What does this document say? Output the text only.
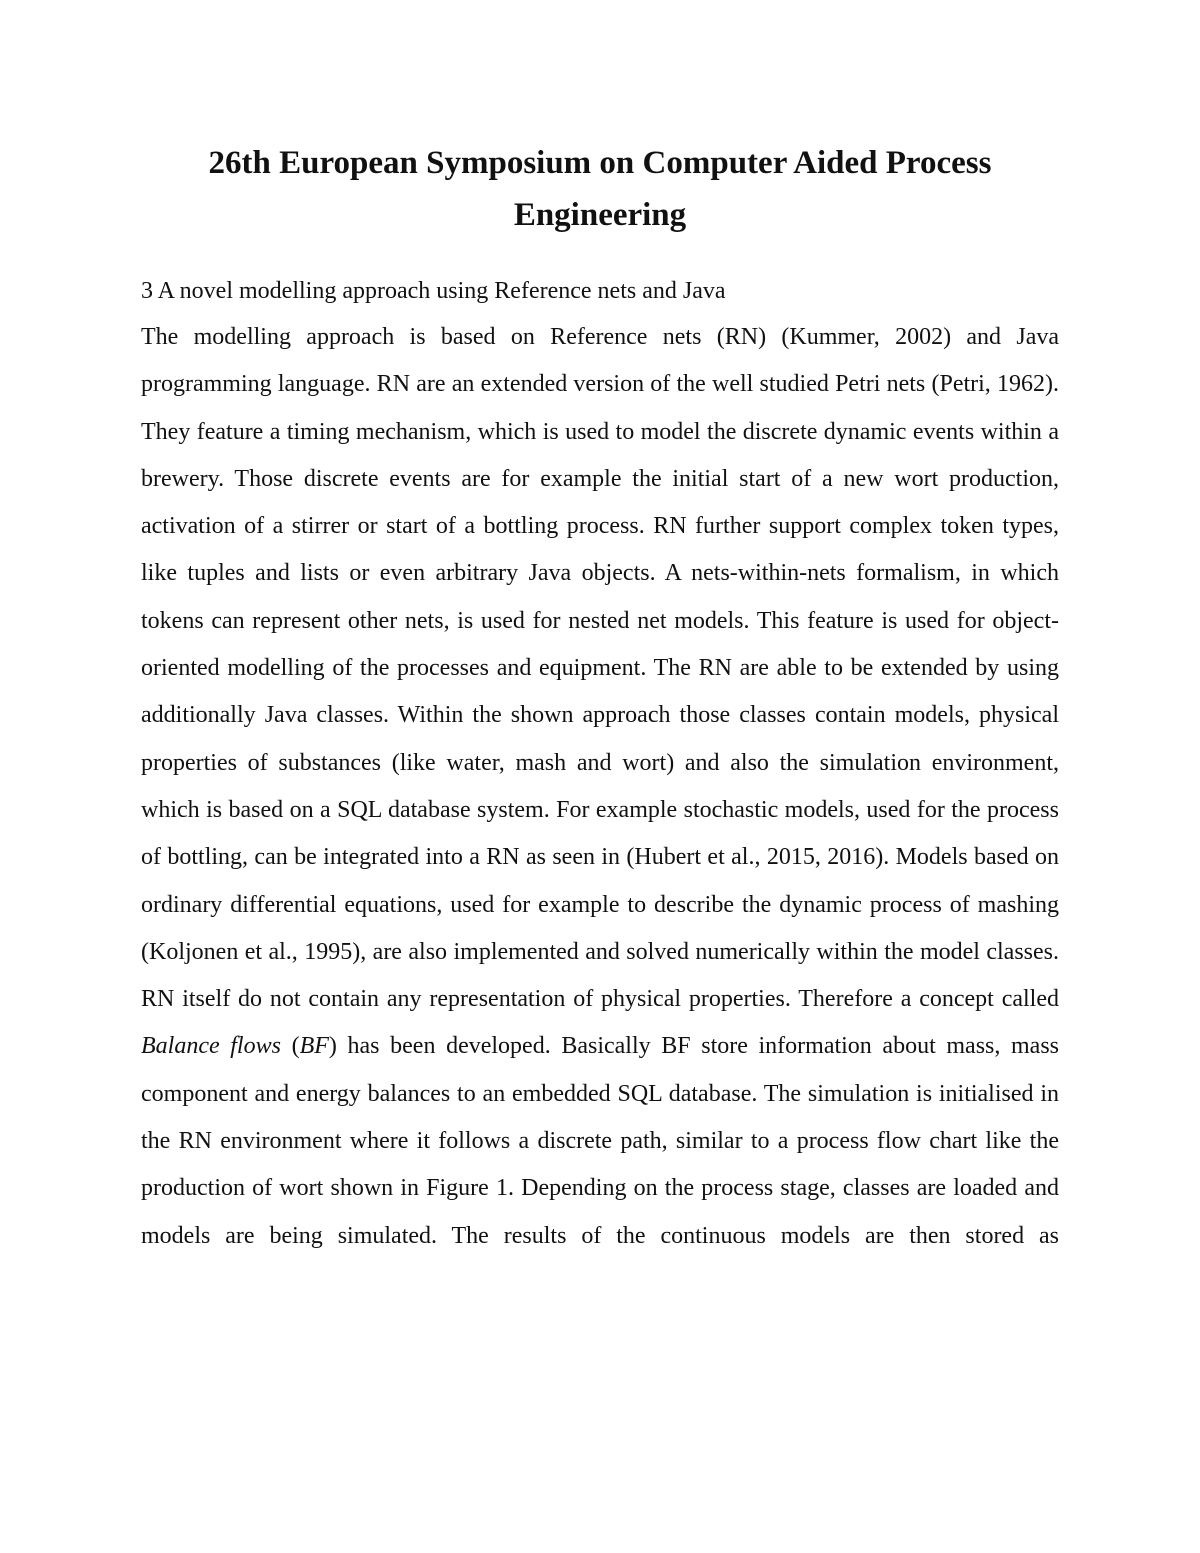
26th European Symposium on Computer Aided Process Engineering
3 A novel modelling approach using Reference nets and Java

The modelling approach is based on Reference nets (RN) (Kummer, 2002) and Java programming language. RN are an extended version of the well studied Petri nets (Petri, 1962). They feature a timing mechanism, which is used to model the discrete dynamic events within a brewery. Those discrete events are for example the initial start of a new wort production, activation of a stirrer or start of a bottling process. RN further support complex token types, like tuples and lists or even arbitrary Java objects. A nets-within-nets formalism, in which tokens can represent other nets, is used for nested net models. This feature is used for object-oriented modelling of the processes and equipment. The RN are able to be extended by using additionally Java classes. Within the shown approach those classes contain models, physical properties of substances (like water, mash and wort) and also the simulation environment, which is based on a SQL database system. For example stochastic models, used for the process of bottling, can be integrated into a RN as seen in (Hubert et al., 2015, 2016). Models based on ordinary differential equations, used for example to describe the dynamic process of mashing (Koljonen et al., 1995), are also implemented and solved numerically within the model classes. RN itself do not contain any representation of physical properties. Therefore a concept called Balance flows (BF) has been developed. Basically BF store information about mass, mass component and energy balances to an embedded SQL database. The simulation is initialised in the RN environment where it follows a discrete path, similar to a process flow chart like the production of wort shown in Figure 1. Depending on the process stage, classes are loaded and models are being simulated. The results of the continuous models are then stored as
